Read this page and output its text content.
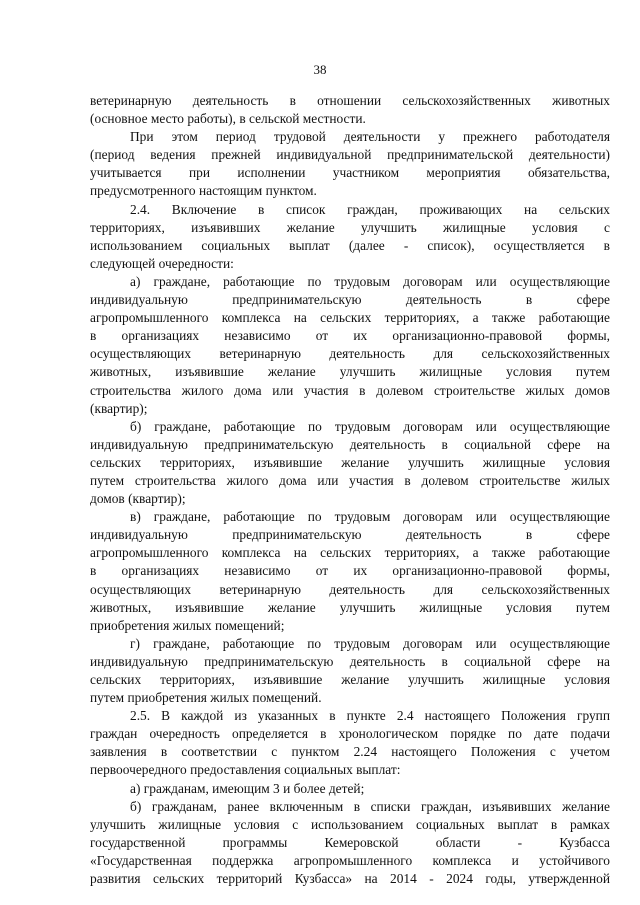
38
ветеринарную деятельность в отношении сельскохозяйственных животных
(основное место работы), в сельской местности.
При этом период трудовой деятельности у прежнего работодателя
(период ведения прежней индивидуальной предпринимательской деятельности)
учитывается при исполнении участником мероприятия обязательства,
предусмотренного настоящим пунктом.
2.4. Включение в список граждан, проживающих на сельских
территориях, изъявивших желание улучшить жилищные условия с
использованием социальных выплат (далее - список), осуществляется в
следующей очередности:
а) граждане, работающие по трудовым договорам или осуществляющие
индивидуальную предпринимательскую деятельность в сфере
агропромышленного комплекса на сельских территориях, а также работающие
в организациях независимо от их организационно-правовой формы,
осуществляющих ветеринарную деятельность для сельскохозяйственных
животных, изъявившие желание улучшить жилищные условия путем
строительства жилого дома или участия в долевом строительстве жилых домов
(квартир);
б) граждане, работающие по трудовым договорам или осуществляющие
индивидуальную предпринимательскую деятельность в социальной сфере на
сельских территориях, изъявившие желание улучшить жилищные условия
путем строительства жилого дома или участия в долевом строительстве жилых
домов (квартир);
в) граждане, работающие по трудовым договорам или осуществляющие
индивидуальную предпринимательскую деятельность в сфере
агропромышленного комплекса на сельских территориях, а также работающие
в организациях независимо от их организационно-правовой формы,
осуществляющих ветеринарную деятельность для сельскохозяйственных
животных, изъявившие желание улучшить жилищные условия путем
приобретения жилых помещений;
г) граждане, работающие по трудовым договорам или осуществляющие
индивидуальную предпринимательскую деятельность в социальной сфере на
сельских территориях, изъявившие желание улучшить жилищные условия
путем приобретения жилых помещений.
2.5. В каждой из указанных в пункте 2.4 настоящего Положения групп
граждан очередность определяется в хронологическом порядке по дате подачи
заявления в соответствии с пунктом 2.24 настоящего Положения с учетом
первоочередного предоставления социальных выплат:
а) гражданам, имеющим 3 и более детей;
б) гражданам, ранее включенным в списки граждан, изъявивших желание
улучшить жилищные условия с использованием социальных выплат в рамках
государственной программы Кемеровской области - Кузбасса
«Государственная поддержка агропромышленного комплекса и устойчивого
развития сельских территорий Кузбасса» на 2014 - 2024 годы, утвержденной
